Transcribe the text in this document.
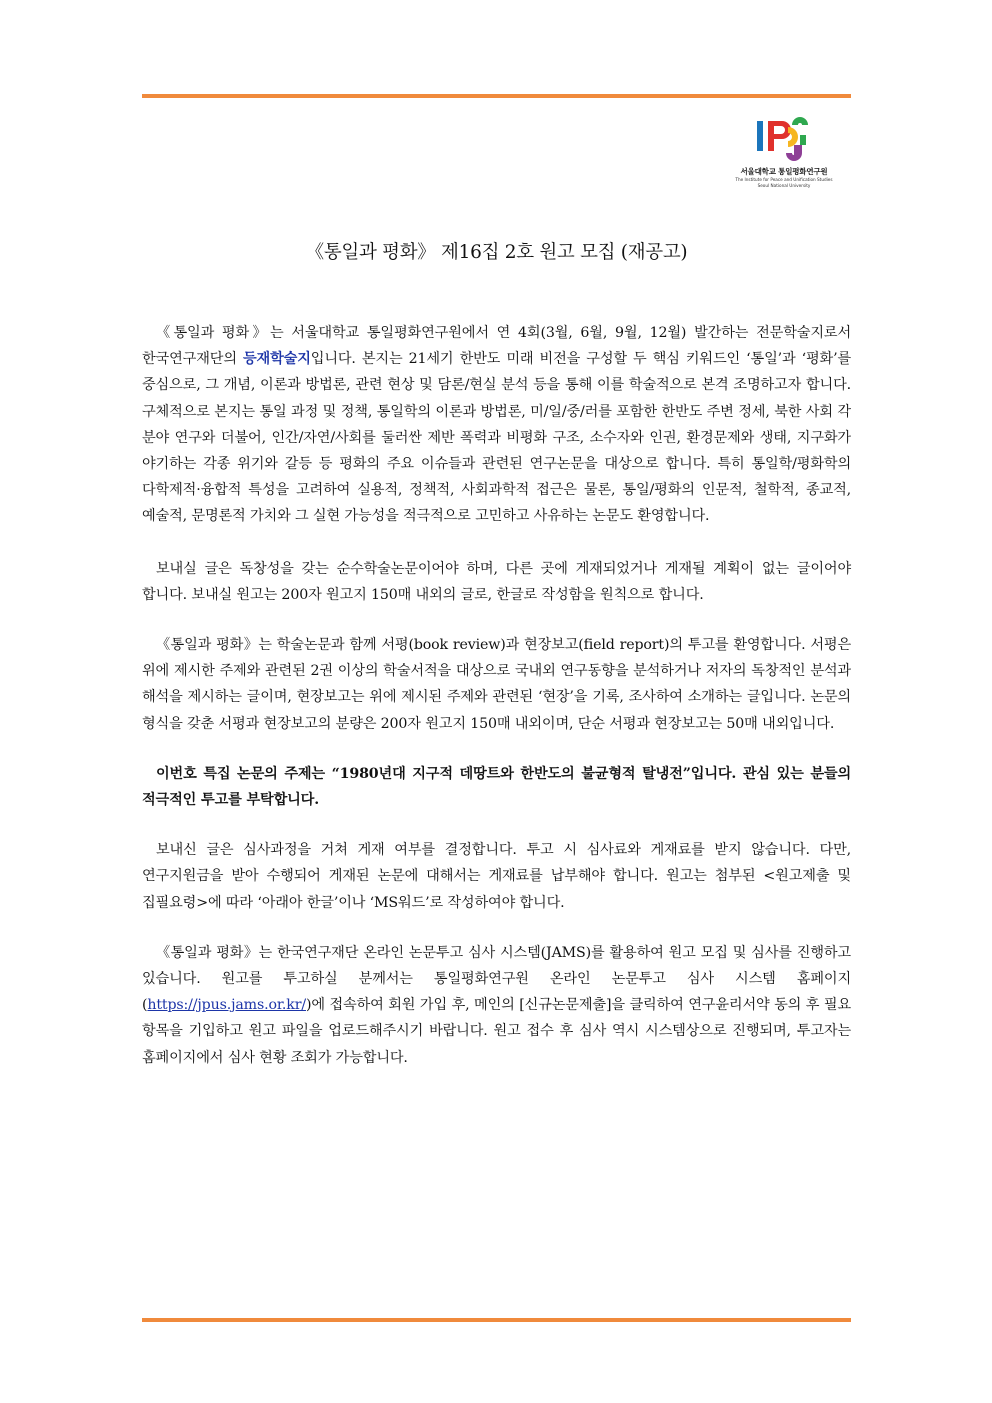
서울대학교 통일평화연구원
The Institute for Peace and Unification Studies
Seoul National University
《통일과 평화》 제16집 2호 원고 모집 (재공고)

《통일과 평화》는 서울대학교 통일평화연구원에서 연 4회(3월, 6월, 9월, 12월) 발간하는 전문학술지로서 한국연구재단의 등재학술지입니다. 본지는 21세기 한반도 미래 비전을 구성할 두 핵심 키워드인 ‘통일’과 ‘평화’를 중심으로, 그 개념, 이론과 방법론, 관련 현상 및 담론/현실 분석 등을 통해 이를 학술적으로 본격 조명하고자 합니다. 구체적으로 본지는 통일 과정 및 정책, 통일학의 이론과 방법론, 미/일/중/러를 포함한 한반도 주변 정세, 북한 사회 각 분야 연구와 더불어, 인간/자연/사회를 둘러싼 제반 폭력과 비평화 구조, 소수자와 인권, 환경문제와 생태, 지구화가 야기하는 각종 위기와 갈등 등 평화의 주요 이슈들과 관련된 연구논문을 대상으로 합니다. 특히 통일학/평화학의 다학제적·융합적 특성을 고려하여 실용적, 정책적, 사회과학적 접근은 물론, 통일/평화의 인문적, 철학적, 종교적, 예술적, 문명론적 가치와 그 실현 가능성을 적극적으로 고민하고 사유하는 논문도 환영합니다.

보내실 글은 독창성을 갖는 순수학술논문이어야 하며, 다른 곳에 게재되었거나 게재될 계획이 없는 글이어야 합니다. 보내실 원고는 200자 원고지 150매 내외의 글로, 한글로 작성함을 원칙으로 합니다.

《통일과 평화》는 학술논문과 함께 서평(book review)과 현장보고(field report)의 투고를 환영합니다. 서평은 위에 제시한 주제와 관련된 2권 이상의 학술서적을 대상으로 국내외 연구동향을 분석하거나 저자의 독창적인 분석과 해석을 제시하는 글이며, 현장보고는 위에 제시된 주제와 관련된 ‘현장’을 기록, 조사하여 소개하는 글입니다. 논문의 형식을 갖춘 서평과 현장보고의 분량은 200자 원고지 150매 내외이며, 단순 서평과 현장보고는 50매 내외입니다.

이번호 특집 논문의 주제는 “1980년대 지구적 데땅트와 한반도의 불균형적 탈냉전”입니다. 관심 있는 분들의 적극적인 투고를 부탁합니다.

보내신 글은 심사과정을 거쳐 게재 여부를 결정합니다. 투고 시 심사료와 게재료를 받지 않습니다. 다만, 연구지원금을 받아 수행되어 게재된 논문에 대해서는 게재료를 납부해야 합니다. 원고는 첨부된 <원고제출 및 집필요령>에 따라 ‘아래아 한글’이나 ‘MS워드’로 작성하여야 합니다.

《통일과 평화》는 한국연구재단 온라인 논문투고 심사 시스템(JAMS)를 활용하여 원고 모집 및 심사를 진행하고 있습니다. 원고를 투고하실 분께서는 통일평화연구원 온라인 논문투고 심사 시스템 홈페이지(https://jpus.jams.or.kr/)에 접속하여 회원 가입 후, 메인의 [신규논문제출]을 클릭하여 연구윤리서약 동의 후 필요 항목을 기입하고 원고 파일을 업로드해주시기 바랍니다. 원고 접수 후 심사 역시 시스템상으로 진행되며, 투고자는 홈페이지에서 심사 현황 조회가 가능합니다.
